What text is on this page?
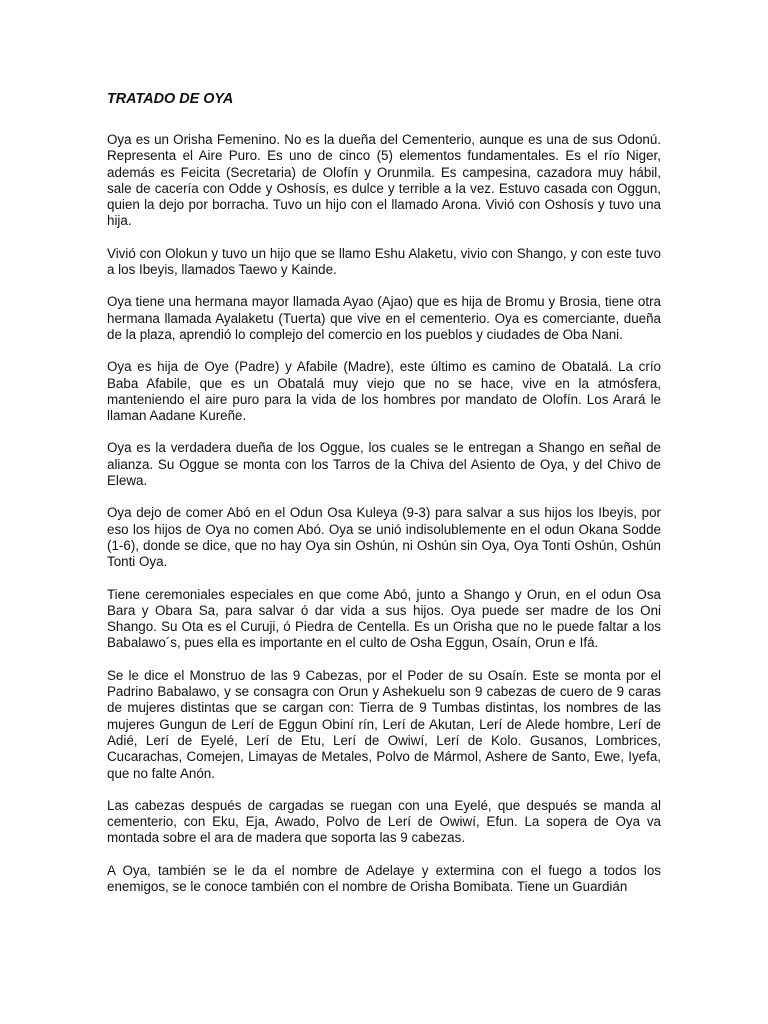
TRATADO DE OYA

Oya es un Orisha Femenino. No es la dueña del Cementerio, aunque es una de sus Odonú. Representa el Aire Puro. Es uno de cinco (5) elementos fundamentales. Es el río Niger, además es Feicita (Secretaria) de Olofín y Orunmila. Es campesina, cazadora muy hábil, sale de cacería con Odde y Oshosís, es dulce y terrible a la vez. Estuvo casada con Oggun, quien la dejo por borracha. Tuvo un hijo con el llamado Arona. Vivió con Oshosís y tuvo una hija.

Vivió con Olokun y tuvo un hijo que se llamo Eshu Alaketu, vivio con Shango, y con este tuvo a los Ibeyis, llamados Taewo y Kainde.

Oya tiene una hermana mayor llamada Ayao (Ajao) que es hija de Bromu y Brosia, tiene otra hermana llamada Ayalaketu (Tuerta) que vive en el cementerio. Oya es comerciante, dueña de la plaza, aprendió lo complejo del comercio en los pueblos y ciudades de Oba Nani.

Oya es hija de Oye (Padre) y Afabile (Madre), este último es camino de Obatalá. La crío Baba Afabile, que es un Obatalá muy viejo que no se hace, vive en la atmósfera, manteniendo el aire puro para la vida de los hombres por mandato de Olofín. Los Arará le llaman Aadane Kureñe.

Oya es la verdadera dueña de los Oggue, los cuales se le entregan a Shango en señal de alianza. Su Oggue se monta con los Tarros de la Chiva del Asiento de Oya, y del Chivo de Elewa.

Oya dejo de comer Abó en el Odun Osa Kuleya (9-3) para salvar a sus hijos los Ibeyis, por eso los hijos de Oya no comen Abó. Oya se unió indisolublemente en el odun Okana Sodde (1-6), donde se dice, que no hay Oya sin Oshún, ni Oshún sin Oya, Oya Tonti Oshún, Oshún Tonti Oya.

Tiene ceremoniales especiales en que come Abó, junto a Shango y Orun, en el odun Osa Bara y Obara Sa, para salvar ó dar vida a sus hijos. Oya puede ser madre de los Oni Shango. Su Ota es el Curuji, ó Piedra de Centella. Es un Orisha que no le puede faltar a los Babalawo´s, pues ella es importante en el culto de Osha Eggun, Osaín, Orun e Ifá.

Se le dice el Monstruo de las 9 Cabezas, por el Poder de su Osaín. Este se monta por el Padrino Babalawo, y se consagra con Orun y Ashekuelu son 9 cabezas de cuero de 9 caras de mujeres distintas que se cargan con: Tierra de 9 Tumbas distintas, los nombres de las mujeres Gungun de Lerí de Eggun Obiní rín, Lerí de Akutan, Lerí de Alede hombre, Lerí de Adié, Lerí de Eyelé, Lerí de Etu, Lerí de Owiwí, Lerí de Kolo. Gusanos, Lombrices, Cucarachas, Comejen, Limayas de Metales, Polvo de Mármol, Ashere de Santo, Ewe, Iyefa, que no falte Anón.

Las cabezas después de cargadas se ruegan con una Eyelé, que después se manda al cementerio, con Eku, Eja, Awado, Polvo de Lerí de Owiwí, Efun. La sopera de Oya va montada sobre el ara de madera que soporta las 9 cabezas.

A Oya, también se le da el nombre de Adelaye y extermina con el fuego a todos los enemigos, se le conoce también con el nombre de Orisha Bomibata. Tiene un Guardián
